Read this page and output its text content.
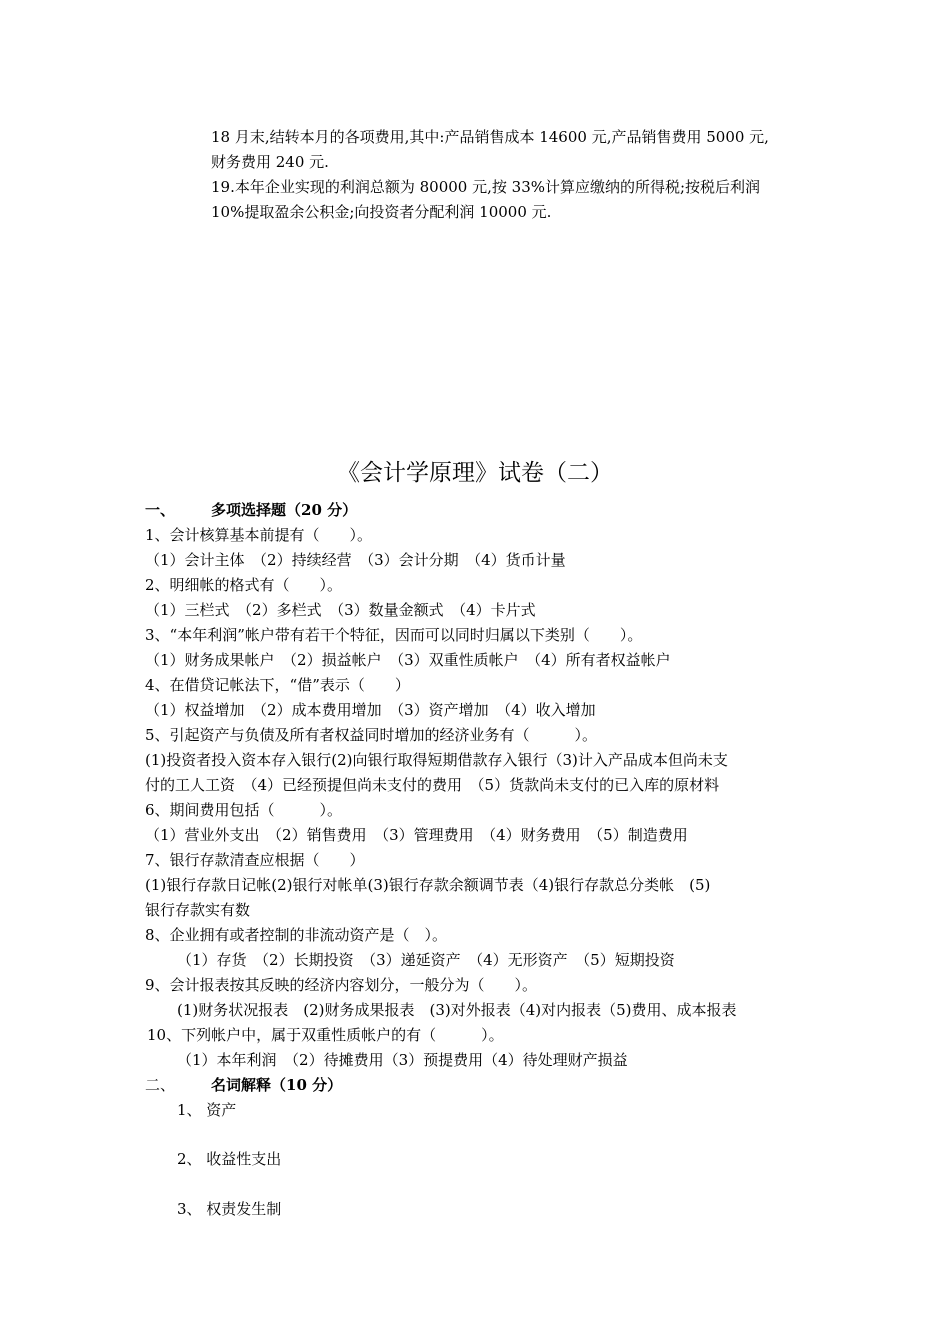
18 月末,结转本月的各项费用,其中:产品销售成本 14600 元,产品销售费用 5000 元,
财务费用 240 元.
19.本年企业实现的利润总额为 80000 元,按 33%计算应缴纳的所得税;按税后利润
10%提取盈余公积金;向投资者分配利润 10000 元.
《会计学原理》试卷（二）
一、 多项选择题（20 分）
1、会计核算基本前提有（　　）。
（1）会计主体　（2）持续经营　（3）会计分期　（4）货币计量
2、明细帐的格式有（　　）。
（1）三栏式　（2）多栏式　（3）数量金额式　（4）卡片式
3、“本年利润”帐户带有若干个特征，因而可以同时归属以下类别（　　）。
（1）财务成果帐户　（2）损益帐户　（3）双重性质帐户　（4）所有者权益帐户
4、在借贷记帐法下，“借”表示（　　）
（1）权益增加　（2）成本费用增加　（3）资产增加　（4）收入增加
5、引起资产与负债及所有者权益同时增加的经济业务有（　　　）。
(1)投资者投入资本存入银行(2)向银行取得短期借款存入银行（3)计入产品成本但尚未支
付的工人工资　（4）已经预提但尚未支付的费用　（5）货款尚未支付的已入库的原材料
6、期间费用包括（　　　）。
（1）营业外支出　（2）销售费用　（3）管理费用　（4）财务费用　（5）制造费用
7、银行存款清查应根据（　　）
(1)银行存款日记帐(2)银行对帐单(3)银行存款余额调节表（4)银行存款总分类帐　(5)
银行存款实有数
8、企业拥有或者控制的非流动资产是（　）。
（1）存货　（2）长期投资　（3）递延资产　（4）无形资产　（5）短期投资
9、会计报表按其反映的经济内容划分，一般分为（　　）。
(1)财务状况报表　(2)财务成果报表　(3)对外报表（4)对内报表（5)费用、成本报表
10、下列帐户中，属于双重性质帐户的有（　　　）。
（1）本年利润　（2）待摊费用（3）预提费用（4）待处理财产损益
二、 名词解释（10 分）
1、 资产
2、 收益性支出
3、 权责发生制
